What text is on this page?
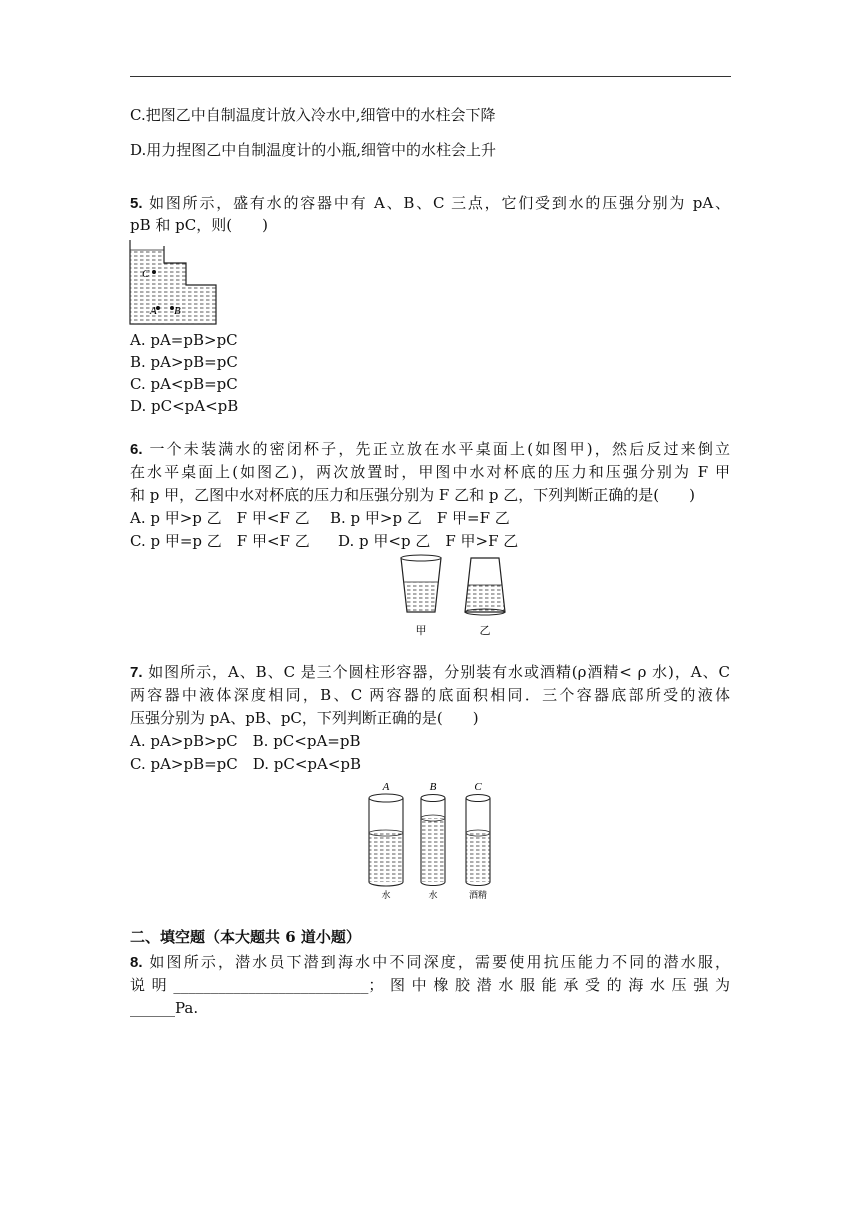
C.把图乙中自制温度计放入冷水中,细管中的水柱会下降
D.用力捏图乙中自制温度计的小瓶,细管中的水柱会上升
5. 如图所示，盛有水的容器中有 A、B、C 三点，它们受到水的压强分别为 pA、
pB 和 pC，则(　　)
C
A B
A. pA=pB>pC
B. pA>pB=pC
C. pA<pB=pC
D. pC<pA<pB
6. 一个未装满水的密闭杯子，先正立放在水平桌面上(如图甲)，然后反过来倒立
在水平桌面上(如图乙)，两次放置时，甲图中水对杯底的压力和压强分别为 F 甲
和 p 甲，乙图中水对杯底的压力和压强分别为 F 乙和 p 乙，下列判断正确的是(　　)
A. p 甲>p 乙　F 甲<F 乙 B. p 甲>p 乙　F 甲=F 乙
C. p 甲=p 乙　F 甲<F 乙 D. p 甲<p 乙　F 甲>F 乙
甲	乙
7. 如图所示，A、B、C 是三个圆柱形容器，分别装有水或酒精(ρ酒精< ρ 水)，A、C
两容器中液体深度相同，B、C 两容器的底面积相同．三个容器底部所受的液体
压强分别为 pA、pB、pC，下列判断正确的是(　　)
A. pA>pB>pC　B. pC<pA=pB
C. pA>pB=pC　D. pC<pA<pB
A	B	C
水	水	酒精
二、填空题（本大题共 6 道小题）
8. 如图所示，潜水员下潜到海水中不同深度，需要使用抗压能力不同的潜水服，
说明__________________________；图中橡胶潜水服能承受的海水压强为
______Pa.
